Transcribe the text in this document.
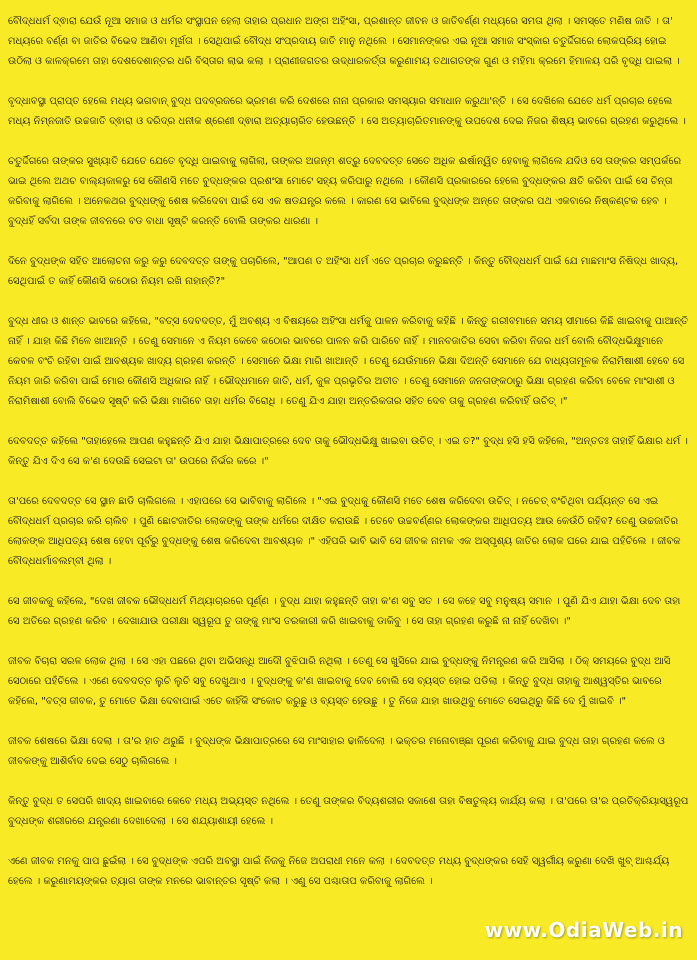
ବୌଦ୍ଧଧର୍ମ ଦ୍ଵାରା ଯେଉଁ ନୂଆ ସମାଜ ଓ ଧର୍ମର ସଂସ୍ଥାପନ ହେଲା ତାହାର ପ୍ରଧାନ ଅଙ୍ଗ ଅହିଂସା, ପ୍ରଶାନ୍ତ ଜୀବନ ଓ ଜାତିବର୍ଣ୍ଣ ମଧ୍ୟରେ ସମତା ଥିଲା । ସମସ୍ତେ ମଣିଷ ଜାତି । ତା' ମଧ୍ୟରେ ବର୍ଣ୍ଣ ବା ଜାତିର ବିଭେଦ ଆଣିବା ମୂର୍ଖତା । ସେଥିପାଇଁ ବୌଦ୍ଧ ସଂପ୍ରଦାୟ ଜାତି ମାନୁ ନଥିଲେ । ସେମାନଙ୍କର ଏଇ ନୂଆ ସମାଜ ସଂସ୍କାର ଚତୁର୍ଦ୍ଦିଗରେ ଲୋକପ୍ରିୟ ହୋଇ ଉଠିଲା ଓ କାଳକ୍ରମେ ତାହା ଦେଶଦେଶାନ୍ତର ଧରି ବିସ୍ତାର ଲାଭ କଲା । ପ୍ରାଣୀଜଗତର ଉଦ୍ଧାରକର୍ତ୍ତା କରୁଣାମୟ ତଥାଗତଙ୍କ ଗୁଣ ଓ ମହିମା କ୍ରମେ ହିମାଳୟ ପରି ବୃଦ୍ଧି ପାଇଲା ।

ବୃଦ୍ଧାବସ୍ଥା ପ୍ରାପ୍ତ ହେଲେ ମଧ୍ୟ ଭଗବାନ୍ ବୁଦ୍ଧ ପଦବ୍ରଜରେ ଭ୍ରମଣ କରି ଦେଶରେ ନାନା ପ୍ରକାର ସମସ୍ୟାର ସମାଧାନ କରୁଥା'ନ୍ତି । ସେ ଦେଖିଲେ ଯେତେ ଧର୍ମ ପ୍ରଚାର ହେଲେ ମଧ୍ୟ ନିମ୍ନଜାତି ଉଚ୍ଚଜାତି ଦ୍ଵାରା ଓ ଦରିଦ୍ର ଧନୀକ ଶ୍ରେଣୀ ଦ୍ଵାରା ଅତ୍ୟାଚାରିତ ହେଉଛନ୍ତି । ସେ ଅତ୍ୟାଚାରିତମାନଙ୍କୁ ଉପଦେଶ ଦେଇ ନିଜର ଶିଷ୍ୟ ଭାବରେ ଗ୍ରହଣ କରୁଥିଲେ ।

ଚତୁର୍ଦ୍ଦିଗରେ ତାଙ୍କର ସୁଖ୍ୟାତି ଯେତେ ଯେତେ ବୃଦ୍ଧି ପାଇବାକୁ ଲାଗିଲା, ତାଙ୍କର ଅଜନ୍ମ ଶତ୍ରୁ ଦେବଦତ୍ତ ସେତେ ଅଧିକ ଈର୍ଷାନ୍ୱିତ ହେବାକୁ ଲାଗିଲେ ଯଦିଓ ସେ ତାଙ୍କର ସମ୍ପର୍କରେ ଭାଇ ଥିଲେ ଅଥଚ ବାଲ୍ୟକାଳରୁ ସେ କୌଣସି ମତେ ବୁଦ୍ଧଙ୍କର ପ୍ରଶଂସା ମୋଟେ ସହ୍ୟ କରିପାରୁ ନଥିଲେ । କୌଣସି ପ୍ରକାରରେ ହେଲେ ବୁଦ୍ଧଙ୍କର କ୍ଷତି କରିବା ପାଇଁ ସେ ଚିନ୍ତା କରିବାକୁ ଲାଗିଲେ । ଅନେକଥର ବୁଦ୍ଧଙ୍କୁ ଶେଷ କରିଦେବା ପାଇଁ ସେ ଏକ ଷଡଯନ୍ତ୍ର କଲେ । କାରଣ ସେ ଭାବିଲେ ବୁଦ୍ଧଙ୍କ ଅନ୍ତେ ତାଙ୍କର ପଥ ଏକବାରେ ନିଷ୍କଣ୍ଟକ ହେବ । ବୁଦ୍ଧହିଁ ସର୍ବଦା ତାଙ୍କ ଜୀବନରେ ବଡ ବାଧା ସୃଷ୍ଟି କରନ୍ତି ବୋଲି ତାଙ୍କର ଧାରଣା ।

ଦିନେ ବୁଦ୍ଧଙ୍କ ସହିତ ଆଲୋଚନା କରୁ କରୁ ଦେବଦତ୍ତ ତାଙ୍କୁ ପଚାରିଲେ, "ଆପଣ ତ ଅହିଂସା ଧର୍ମ ଏତେ ପ୍ରଚାର କରୁଛନ୍ତି । କିନ୍ତୁ ବୌଦ୍ଧଧର୍ମ ପାଇଁ ଯେ ମାଛମାଂସ ନିଷିଦ୍ଧ ଖାଦ୍ୟ, ସେଥିପାଇଁ ତ କାହିଁ କୌଣସି କଠୋର ନିୟମ ରଖି ନାହାନ୍ତି?"

ବୁଦ୍ଧ ଧୀର ଓ ଶାନ୍ତ ଭାବରେ କହିଲେ, "ବତ୍ସ ଦେବଦତ୍ତ, ମୁଁ ଅବଶ୍ୟ ଏ ବିଷୟରେ ଅହିଂସା ଧର୍ମକୁ ପାଳନ କରିବାକୁ କହିଛି । କିନ୍ତୁ ଗରୀବମାନେ ସମୟ ସୀମାରେ କିଛି ଖାଇବାକୁ ପାଆନ୍ତି ନାହିଁ । ଯାହା କିଛି ମିଳେ ଖାଆନ୍ତି । ତେଣୁ ସେମାନେ ଏ ନିୟମ କେବେ କଠୋର ଭାବରେ ପାଳନ କରି ପାରିବେ ନାହିଁ । ମାନବଜାତିର ସେବା କରିବା ନିଜର ଧର୍ମ ବୋଲି ବୌଦ୍ଧଭିକ୍ଷୁମାନେ କେବଳ ବଂଚି ରହିବା ପାଇଁ ଆବଶ୍ୟକ ଖାଦ୍ୟ ଗ୍ରହଣ କରନ୍ତି । ସେମାନେ ଭିକ୍ଷା ମାଗି ଖାଆନ୍ତି । ତେଣୁ ଯେଉଁମାନେ ଭିକ୍ଷା ଦିଅନ୍ତି ସେମାନେ ଯେ ବାଧ୍ୟତାମୂଳକ ନିରାମିଷାଶୀ ହେବେ ସେ ନିୟମ ଜାରି କରିବା ପାଇଁ ମୋର କୌଣସି ଅଧିକାର ନାହିଁ । ଭୌଦ୍ଧମାନେ ଜାତି, ଧର୍ମ, କୁଳ ପ୍ରଭୃତିର ଅତୀତ । ତେଣୁ ସେମାନେ ଜନତାଙ୍କଠାରୁ ଭିକ୍ଷା ଗ୍ରହଣ କରିବା ବେଳେ ମାଂସାଶୀ ଓ ନିରାମିଷାଶୀ ବୋଲି ବିଭେଦ ସୃଷ୍ଟି କରି ଭିକ୍ଷା ମାଗିବେ ତାହା ଧର୍ମର ବିରୋଧି । ତେଣୁ ଯିଏ ଯାହା ଅନ୍ତରିକତାର ସହିତ ଦେବ ତାକୁ ଗ୍ରହଣ କରିବାହିଁ ଉଚିତ୍ ।"

ଦେବଦତ୍ତ କହିଲେ "ତାହାହେଲେ ଆପଣ କହୁଛନ୍ତି ଯିଏ ଯାହା ଭିକ୍ଷାପାତ୍ରରେ ଦେବ ତାକୁ ଭୌଦ୍ଧଭିକ୍ଷୁ ଖାଇବା ଉଚିତ୍ । ଏଇ ତ?" ବୁଦ୍ଧ ହସି ହସି କହିଲେ, "ଅନ୍ତତଃ ତାହାହିଁ ଭିକ୍ଷାର ଧର୍ମ । କିନ୍ତୁ ଯିଏ ଦିଏ ସେ କ'ଣ ଦେଉଛି ସେଇଟା ତା' ଉପରେ ନିର୍ଭର କରେ ।"

ତା'ପରେ ଦେବଦତ୍ତ ସେ ସ୍ଥାନ ଛାଡି ଚାଲିଗଲେ । ଏହାପରେ ସେ ଭାବିବାକୁ ଲାଗିଲେ । "ଏଇ ବୁଦ୍ଧକୁ କୌଣସି ମତେ ଶେଷ କରିଦେବା ଉଚିତ୍ । ନଚେତ୍ ବଂଚିଥିବା ପର୍ଯ୍ୟନ୍ତ ସେ ଏଇ ବୌଦ୍ଧଧର୍ମ ପ୍ରଚାର କରି ଚାଲିବ । ପୁଣି ଛୋଟଜାତିର ଲୋକଙ୍କୁ ତାଙ୍କ ଧର୍ମରେ ଦୀକ୍ଷିତ କରାଉଛି । ତେବେ ଉଚ୍ଚବର୍ଣ୍ଣର ଲୋକଙ୍କର ଆଧିପତ୍ୟ ଆଉ କେଉଁଠି ରହିବ? ତେଣୁ ଉଚ୍ଚଜାତିର ଲୋକଙ୍କ ଆଧିପତ୍ୟ ଶେଷ ହେବା ପୂର୍ବରୁ ବୁଦ୍ଧଙ୍କୁ ଶେଷ କରିଦେବା ଆବଶ୍ୟକ ।" ଏହିପରି ଭାବି ଭାବି ସେ ଜୀବକ ନାମକ ଏକ ଅସ୍ପୃଶ୍ୟ ଜାତିର ଲୋକ ଘରେ ଯାଇ ପହଁଚିଲେ । ଜୀବକ ବୌଦ୍ଧଧର୍ମାବଲମ୍ବୀ ଥିଲା ।

ସେ ଜୀବକକୁ କହିଲେ, "ଦେଖ ଜୀବକ ଭୌଦ୍ଧଧର୍ମ ମିଥ୍ୟାଚାରରେ ପୂର୍ଣ୍ଣ । ବୁଦ୍ଧ ଯାହା କହୁଛନ୍ତି ତାହା କ'ଣ ସବୁ ସତ । ସେ କହେ ସବୁ ମନୁଷ୍ୟ ସମାନ । ପୁଣି ଯିଏ ଯାହା ଭିକ୍ଷା ଦେବ ତାହା ସେ ଅତିରେ ଗ୍ରହଣ କରିବ । ଦେଖାଯାଉ ପରୀକ୍ଷା ସ୍ୱରୂପ ତୁ ତାଙ୍କୁ ମାଂସ ତରକାରୀ କରି ଖାଇବାକୁ ଡାକିବୁ । ସେ ତାହା ଗ୍ରହଣ କରୁଛି ନା ନାହିଁ ଦେଖିବା ।"

ଜୀବକ ବିଚାରା ସରଳ ଲୋକ ଥିଲା । ସେ ଏହା ପଛରେ ଥିବା ଅଭିସନ୍ଧି ଆଦୌ ବୁଝିପାରି ନଥିଲା । ତେଣୁ ସେ ଖୁସିରେ ଯାଇ ବୁଦ୍ଧଙ୍କୁ ନିମନ୍ତ୍ରଣ କରି ଆସିଲା । ଠିକ୍ ସମୟରେ ବୁଦ୍ଧ ଆସି ସେଠାରେ ପହଁଚିଲେ । ଏଣେ ଦେବଦତ୍ତ ଲୁଚି ଲୁଚି ସବୁ ଦେଖୁଥାଏ । ବୁଦ୍ଧଙ୍କୁ କ'ଣ ଖାଇବାକୁ ଦେବ ବୋଲି ସେ ବ୍ୟସ୍ତ ହୋଇ ପଡିଲା । କିନ୍ତୁ ବୁଦ୍ଧ ତାହାକୁ ଆଶ୍ୱସ୍ତିର ଭାବରେ କହିଲେ, "ବତ୍ସ ଜୀବକ, ତୁ ମୋତେ ଭିକ୍ଷା ଦେବାପାଇଁ ଏତେ କାହିଁକି ସଂକୋଚ କରୁଛୁ ଓ ବ୍ୟସ୍ତ ହେଉଛୁ । ତୁ ନିଜେ ଯାହା ଖାଉଥିବୁ ମୋତେ ସେଇଥିରୁ କିଛି ଦେ ମୁଁ ଖାଇବି ।"

ଜୀବକ ଶେଷରେ ଭିକ୍ଷା ଦେଲା । ତା'ର ହାତ ଥରୁଛି । ବୁଦ୍ଧଙ୍କ ଭିକ୍ଷାପାତ୍ରରେ ସେ ମାଂସାହାର ଢାଳିଦେଲା । ଭକ୍ତର ମନୋବାଞ୍ଛା ପୂରଣ କରିବାକୁ ଯାଇ ବୁଦ୍ଧ ତାହା ଗ୍ରହଣ କଲେ ଓ ଜୀବକଙ୍କୁ ଆଶିର୍ବାଦ ଦେଇ ସେଠୁ ଚାଲିଗଲେ ।

କିନ୍ତୁ ବୁଦ୍ଧ ତ ସେପରି ଖାଦ୍ୟ ଖାଇବାରେ କେବେ ମଧ୍ୟ ଅଭ୍ୟସ୍ତ ନଥିଲେ । ତେଣୁ ତାଙ୍କର ବିଦ୍ୟଶରୀର ସକାଶେ ତାହା ବିଷତୁଲ୍ୟ କାର୍ଯ୍ୟ କଲା । ତା'ପରେ ତା'ର ପ୍ରତିକ୍ରିୟାସ୍ୱରୂପ ବୁଦ୍ଧଙ୍କ ଶରୀରରେ ଯନ୍ତ୍ରଣା ଦେଖାଦେଲା । ସେ ଶଯ୍ୟାଶାୟୀ ହେଲେ ।

ଏଣେ ଜୀବକ ମନକୁ ପାପ ଛୁଇଁଲା । ସେ ବୁଦ୍ଧଙ୍କ ଏପରି ଅବସ୍ଥା ପାଇଁ ନିଜକୁ ନିଜେ ଅପରାଧୀ ମନେ କଲା । ଦେବଦତ୍ତ ମଧ୍ୟ ବୁଦ୍ଧଙ୍କର ସେହି ସ୍ୱର୍ଗୀୟ କରୁଣା ଦେଖି ଖୁବ୍ ଆଶ୍ଚର୍ଯ୍ୟ ହେଲେ । କରୁଣାମୟଙ୍କର ତ୍ୟାଗ ତାଙ୍କ ମନରେ ଭାବାନ୍ତର ସୃଷ୍ଟି କଲା । ଏଣୁ ସେ ପଶ୍ଚାତାପ କରିବାକୁ ଲାଗିଲେ ।

www.OdiaWeb.in
